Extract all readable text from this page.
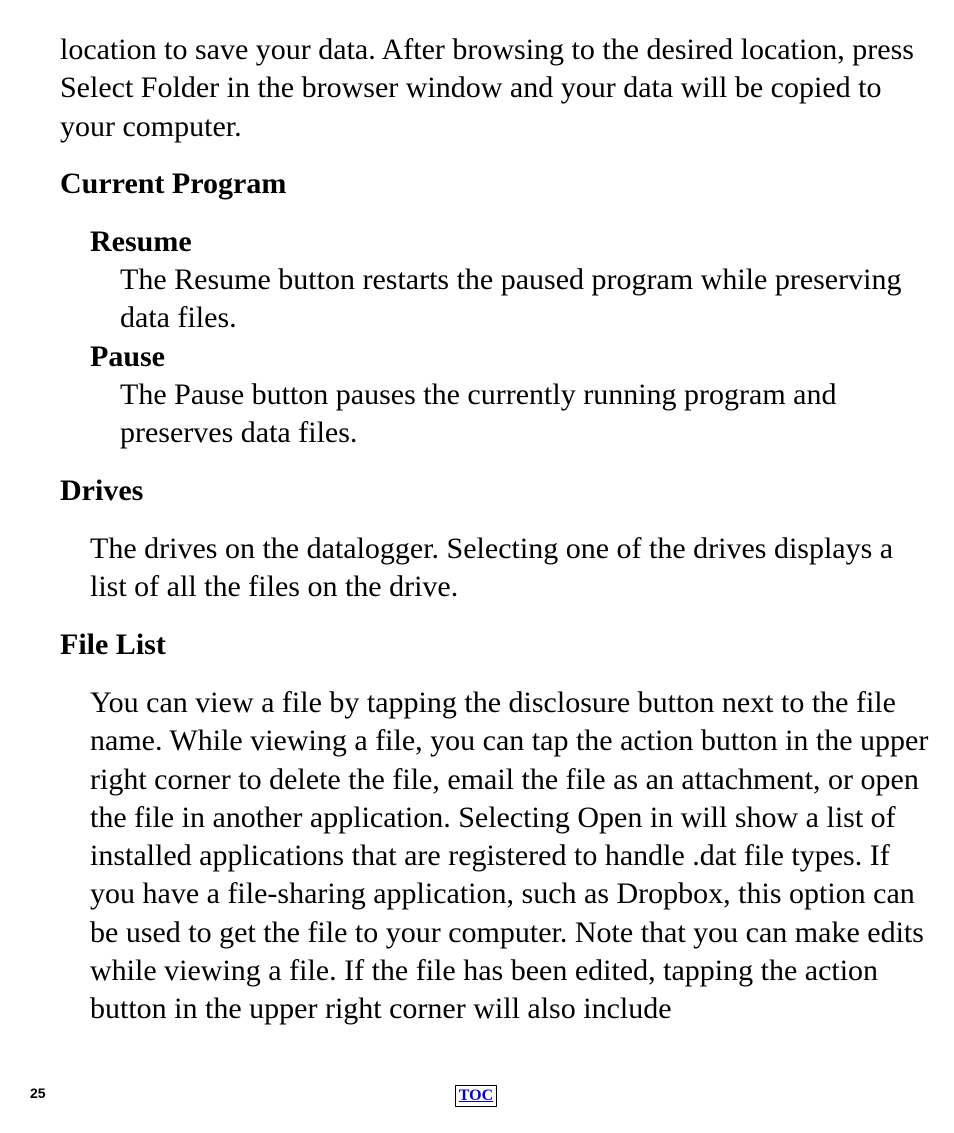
location to save your data. After browsing to the desired location, press Select Folder in the browser window and your data will be copied to your computer.

Current Program
Resume

The Resume button restarts the paused program while preserving data files.

Pause

The Pause button pauses the currently running program and preserves data files.

Drives

The drives on the datalogger. Selecting one of the drives displays a list of all the files on the drive.

File List

You can view a file by tapping the disclosure button next to the file name. While viewing a file, you can tap the action button in the upper right corner to delete the file, email the file as an attachment, or open the file in another application. Selecting Open in will show a list of installed applications that are registered to handle .dat file types. If you have a file-sharing application, such as Dropbox, this option can be used to get the file to your computer. Note that you can make edits while viewing a file. If the file has been edited, tapping the action button in the upper right corner will also include

25	TOC
